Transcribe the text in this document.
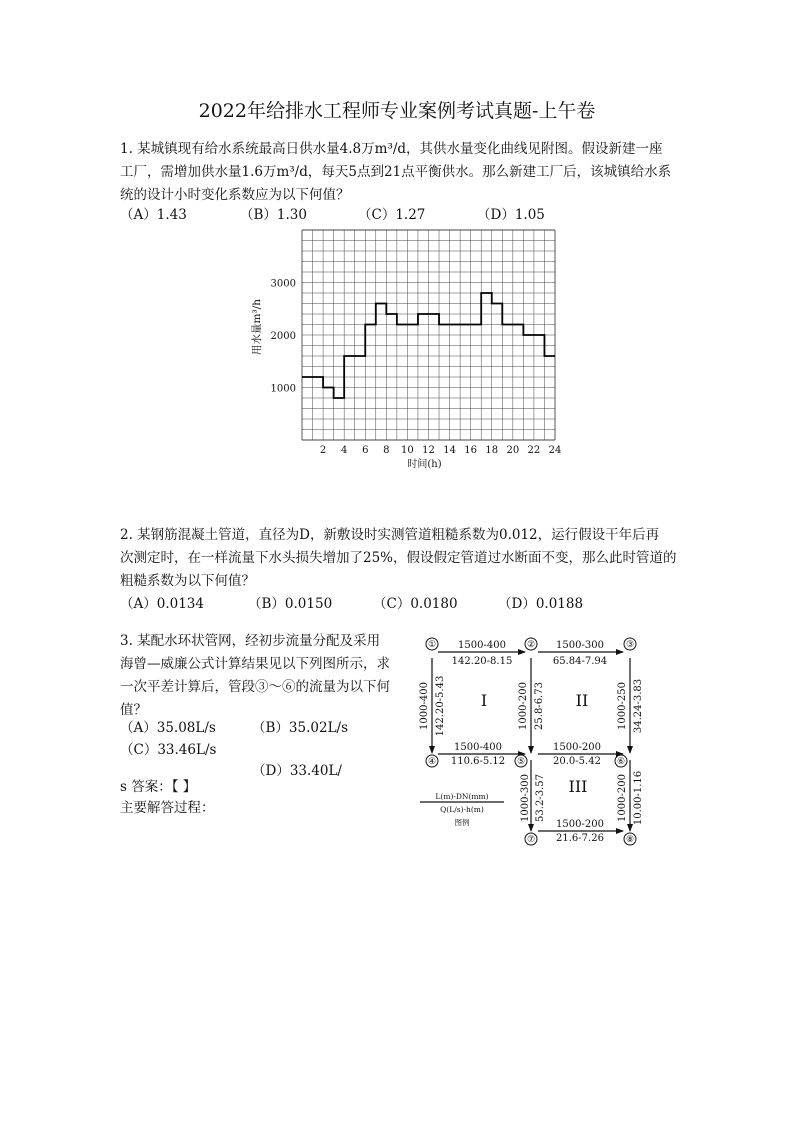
2022年给排水工程师专业案例考试真题-上午卷
1. 某城镇现有给水系统最高日供水量4.8万m³/d，其供水量变化曲线见附图。假设新建一座
工厂，需增加供水量1.6万m³/d，每天5点到21点平衡供水。那么新建工厂后，该城镇给水系
统的设计小时变化系数应为以下何值？
（A）1.43	（B）1.30	（C）1.27	（D）1.05
2 4 6 8 10 12 14 16 18 20 22 24
1000
2000
3000
时间(h)
用水量m³/h
2. 某钢筋混凝土管道，直径为D，新敷设时实测管道粗糙系数为0.012，运行假设干年后再
次测定时，在一样流量下水头损失增加了25%，假设假定管道过水断面不变，那么此时管道的
粗糙系数为以下何值？
（A）0.0134	（B）0.0150	（C）0.0180	（D）0.0188
3. 某配水环状管网，经初步流量分配及采用
海曾—威廉公式计算结果见以下列图所示，求
一次平差计算后，管段③～⑥的流量为以下何
值？
（A）35.08L/s	（B）35.02L/s
（C）33.46L/s
（D）33.40L/
s 答案：【 】
主要解答过程：
①	②	③
④	⑤	⑥
⑦	⑧
1500-400
142.20-8.15
1500-300
65.84-7.94
1500-400
110.6-5.12
1500-200
20.0-5.42
1500-200
21.6-7.26
1000-400 142.20-5.43	1000-200 25.8-6.73	1000-250 34.24-3.83
1000-300 53.2-3.57	1000-200 10.00-1.16
I	II
III
L(m)-DN(mm)
Q(L/s)-h(m)
图例
